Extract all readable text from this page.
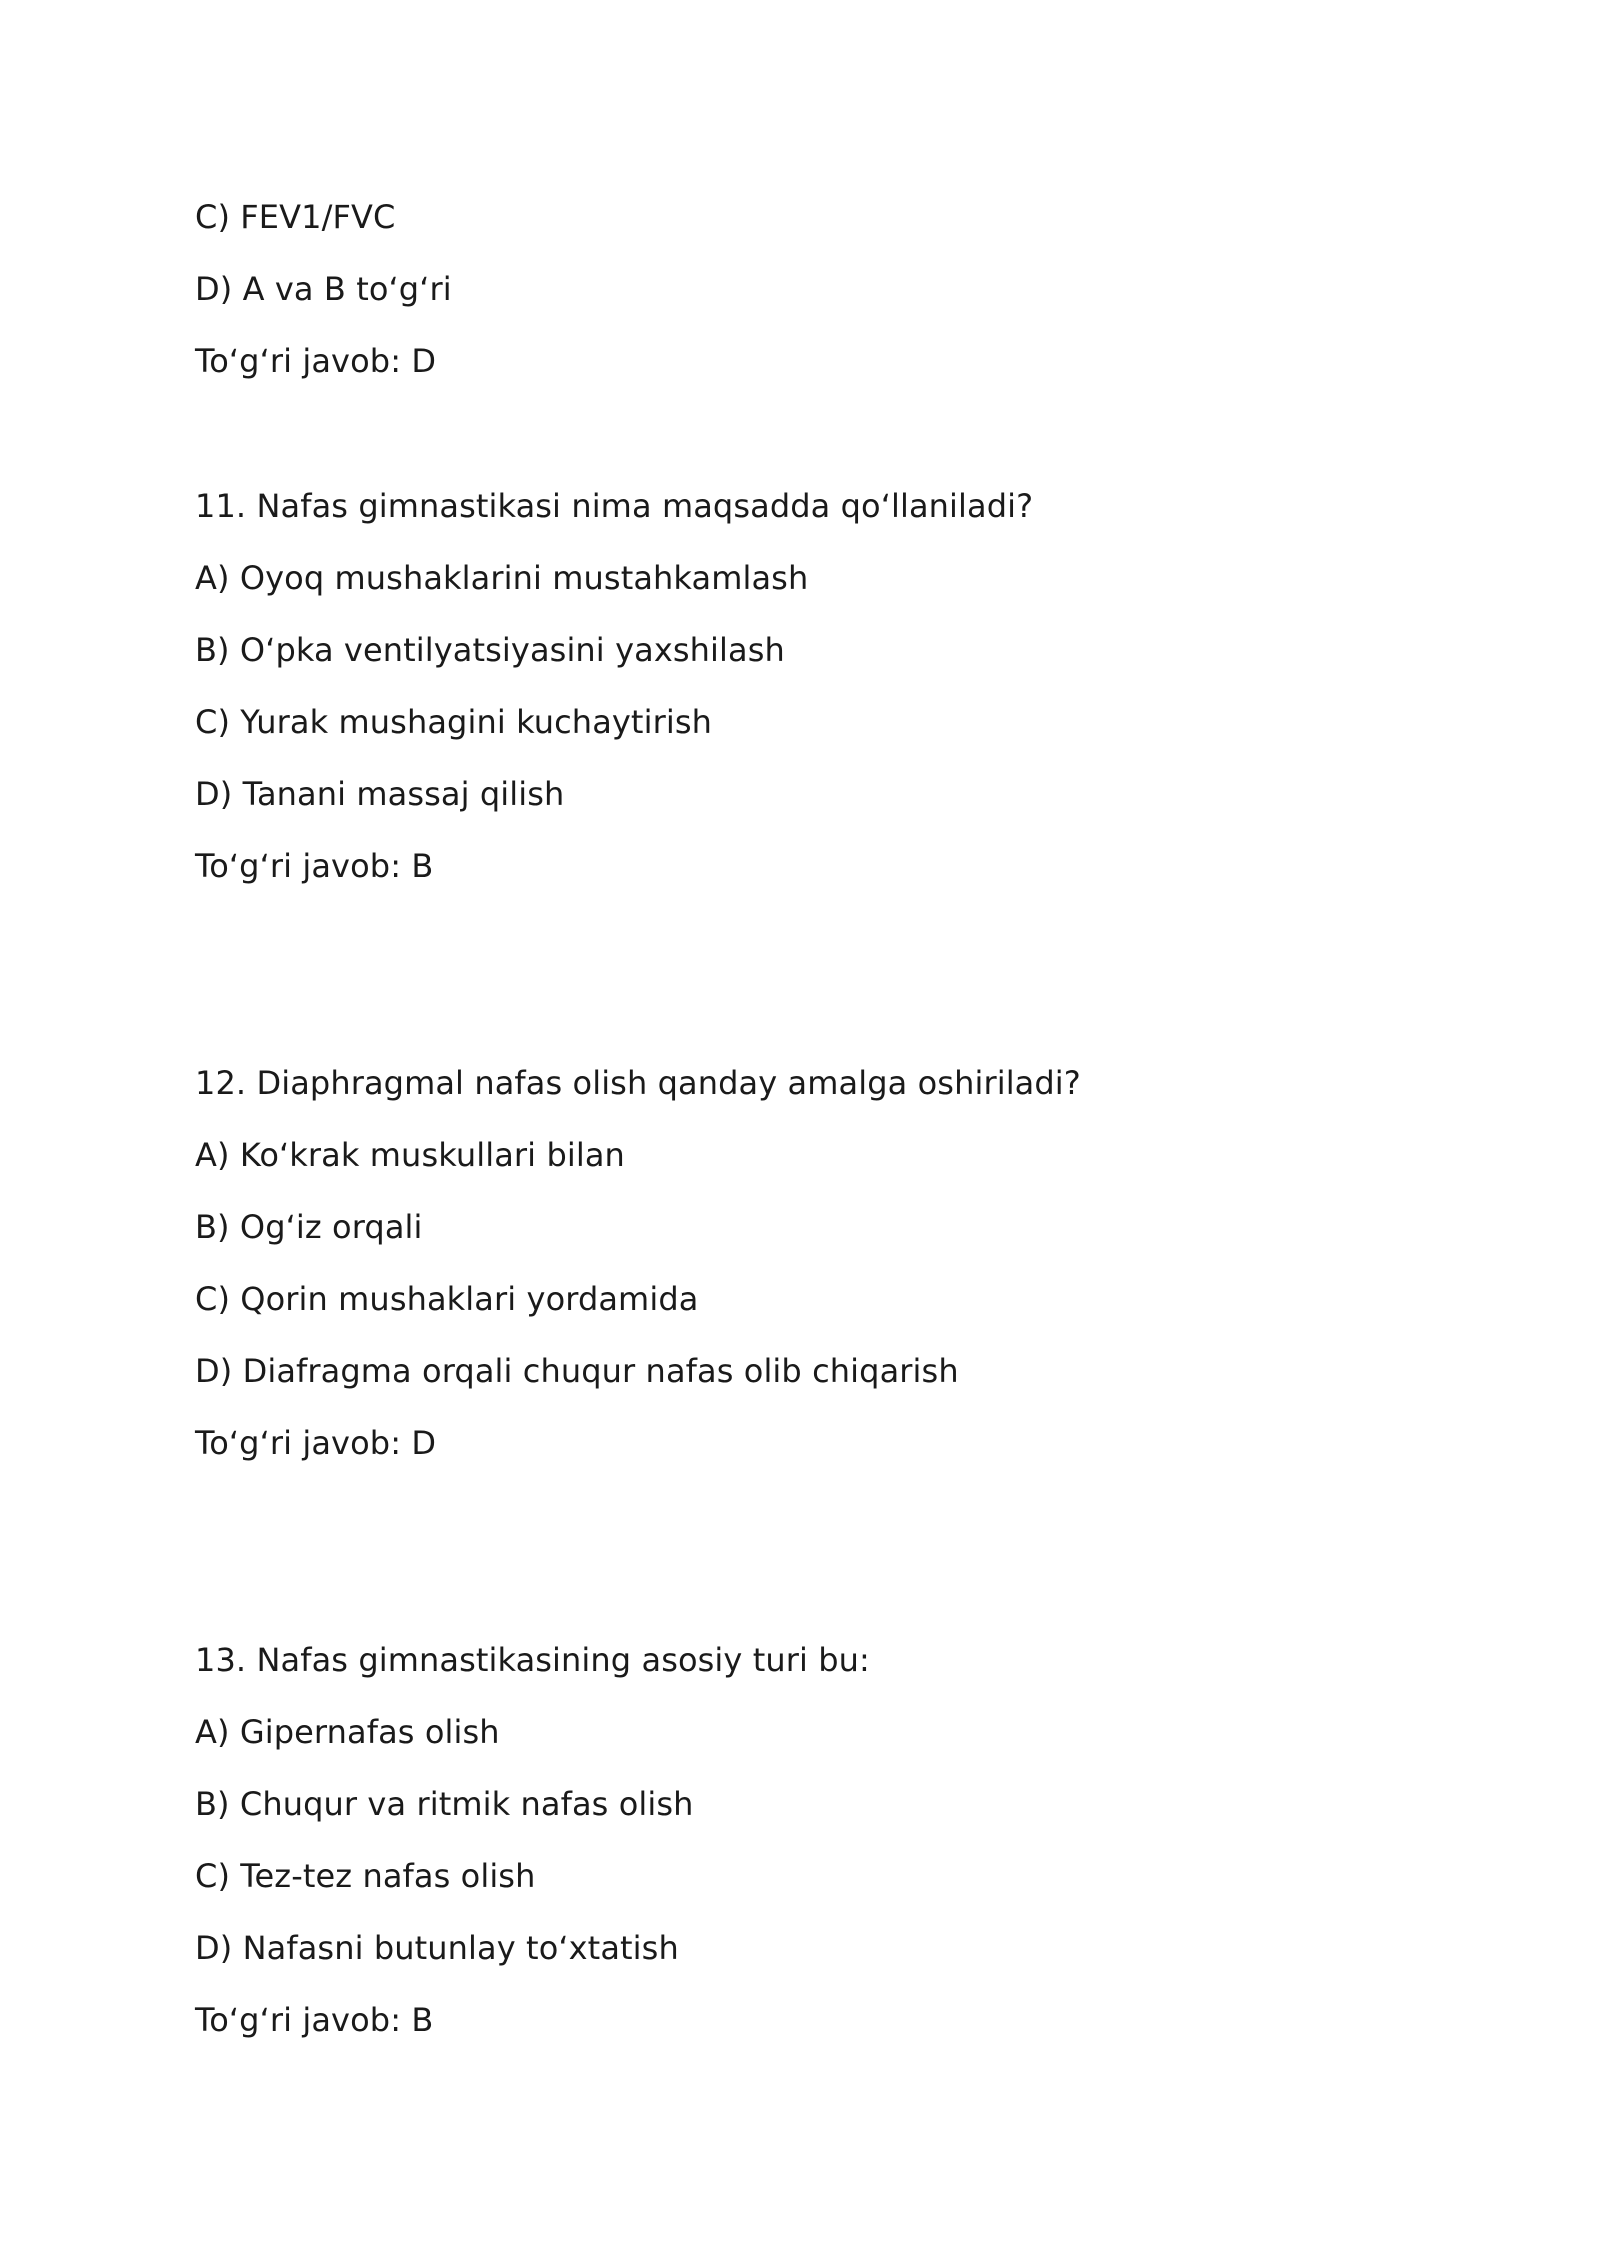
C) FEV1/FVC
D) A va B to‘g‘ri
To‘g‘ri javob: D
11. Nafas gimnastikasi nima maqsadda qo‘llaniladi?
A) Oyoq mushaklarini mustahkamlash
B) O‘pka ventilyatsiyasini yaxshilash
C) Yurak mushagini kuchaytirish
D) Tanani massaj qilish
To‘g‘ri javob: B
12. Diaphragmal nafas olish qanday amalga oshiriladi?
A) Ko‘krak muskullari bilan
B) Og‘iz orqali
C) Qorin mushaklari yordamida
D) Diafragma orqali chuqur nafas olib chiqarish
To‘g‘ri javob: D
13. Nafas gimnastikasining asosiy turi bu:
A) Gipernafas olish
B) Chuqur va ritmik nafas olish
C) Tez-tez nafas olish
D) Nafasni butunlay to‘xtatish
To‘g‘ri javob: B
